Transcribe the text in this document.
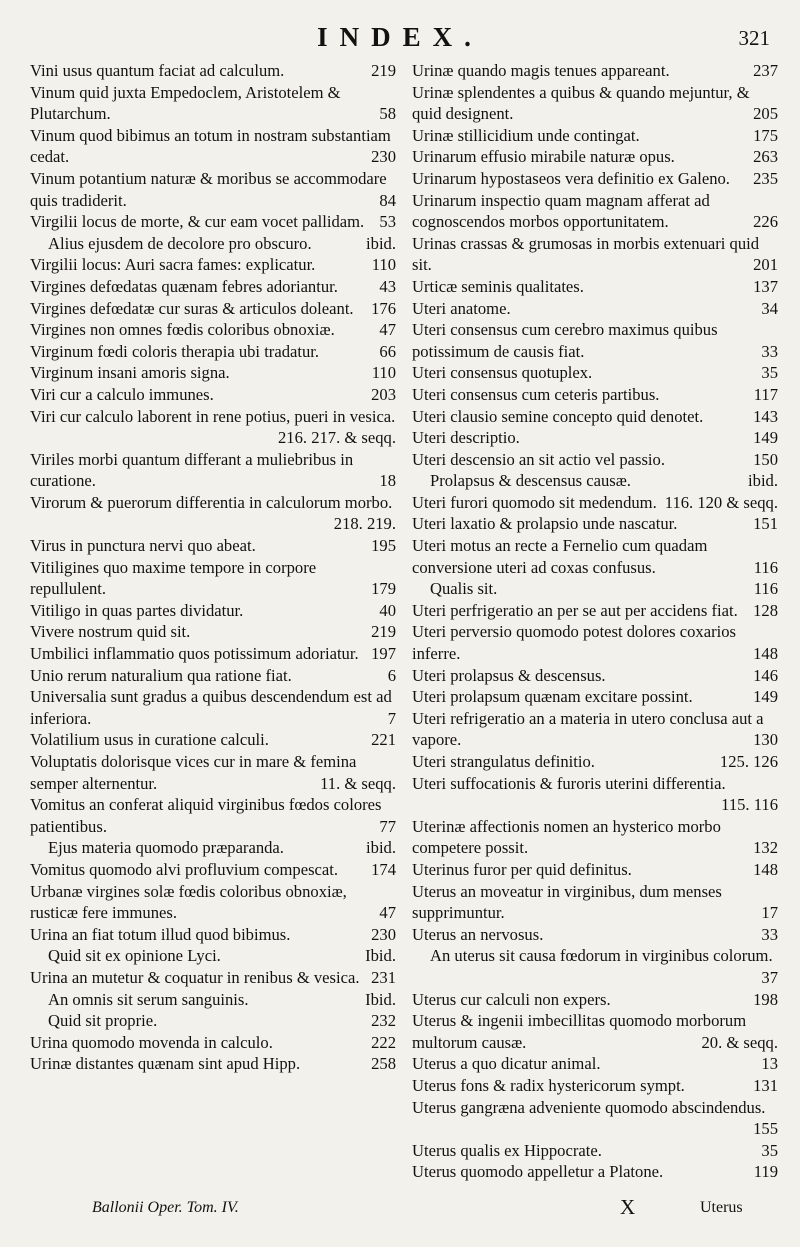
INDEX.	321

Vini usus quantum faciat ad calculum.	219

Vinum quid juxta Empedoclem, Aristotelem & Plutarchum.	58

Vinum quod bibimus an totum in nostram substantiam cedat.	230

Vinum potantium naturæ & moribus se accommodare quis tradiderit.	84

Virgilii locus de morte, & cur eam vocet pallidam. 53

Alius ejusdem de decolore pro obscuro.	ibid.

Virgilii locus: Auri sacra fames: explicatur.	110

Virgines defœdatas quænam febres adoriantur.	43

Virgines defœdatæ cur suras & articulos doleant.	176

Virgines non omnes fœdis coloribus obnoxiæ.	47

Virginum fœdi coloris therapia ubi tradatur.	66

Virginum insani amoris signa.	110

Viri cur a calculo immunes.	203

Viri cur calculo laborent in rene potius, pueri in vesica.
216. 217. & seqq.

Viriles morbi quantum differant a muliebribus in curatione.	18

Virorum & puerorum differentia in calculorum morbo.
218. 219.

Virus in punctura nervi quo abeat.	195

Vitiligines quo maxime tempore in corpore repullulent.	179

Vitiligo in quas partes dividatur.	40

Vivere nostrum quid sit.	219

Umbilici inflammatio quos potissimum adoriatur. 197

Unio rerum naturalium qua ratione fiat.	6

Universalia sunt gradus a quibus descendendum est ad inferiora.	7

Volatilium usus in curatione calculi.	221

Voluptatis dolorisque vices cur in mare & femina semper alternentur.	11. & seqq.

Vomitus an conferat aliquid virginibus fœdos colores patientibus.	77

Ejus materia quomodo præparanda.	ibid.

Vomitus quomodo alvi profluvium compescat.	174

Urbanæ virgines solæ fœdis coloribus obnoxiæ, rusticæ fere immunes.	47

Urina an fiat totum illud quod bibimus.	230

Quid sit ex opinione Lyci.	Ibid.

Urina an mutetur & coquatur in renibus & vesica. 231

An omnis sit serum sanguinis.	Ibid.

Quid sit proprie.	232

Urina quomodo movenda in calculo.	222

Urinæ distantes quænam sint apud Hipp.	258

Urinæ quando magis tenues appareant.	237

Urinæ splendentes a quibus & quando mejuntur, & quid designent.	205

Urinæ stillicidium unde contingat.	175

Urinarum effusio mirabile naturæ opus.	263

Urinarum hypostaseos vera definitio ex Galeno.	235

Urinarum inspectio quam magnam afferat ad cognoscendos morbos opportunitatem.	226

Urinas crassas & grumosas in morbis extenuari quid sit.	201

Urticæ seminis qualitates.	137

Uteri anatome.	34

Uteri consensus cum cerebro maximus quibus potissimum de causis fiat.	33

Uteri consensus quotuplex.	35

Uteri consensus cum ceteris partibus.	117

Uteri clausio semine concepto quid denotet.	143

Uteri descriptio.	149

Uteri descensio an sit actio vel passio.	150

Prolapsus & descensus causæ.	ibid.

Uteri furori quomodo sit medendum. 116. 120 & seqq.

Uteri laxatio & prolapsio unde nascatur.	151

Uteri motus an recte a Fernelio cum quadam conversione uteri ad coxas confusus.	116

Qualis sit.	116

Uteri perfrigeratio an per se aut per accidens fiat. 128

Uteri perversio quomodo potest dolores coxarios inferre.	148

Uteri prolapsus & descensus.	146

Uteri prolapsum quænam excitare possint.	149

Uteri refrigeratio an a materia in utero conclusa aut a vapore.	130

Uteri strangulatus definitio.	125. 126

Uteri suffocationis & furoris uterini differentia.
115. 116

Uterinæ affectionis nomen an hysterico morbo competere possit.	132

Uterinus furor per quid definitus.	148

Uterus an moveatur in virginibus, dum menses supprimuntur.	17

Uterus an nervosus.	33

An uterus sit causa fœdorum in virginibus colorum.
37

Uterus cur calculi non expers.	198

Uterus & ingenii imbecillitas quomodo morborum multorum causæ.	20. & seqq.

Uterus a quo dicatur animal.	13

Uterus fons & radix hystericorum sympt.	131

Uterus gangræna adveniente quomodo abscindendus.
155

Uterus qualis ex Hippocrate.	35

Uterus quomodo appelletur a Platone.	119

Ballonii Oper. Tom. IV.	X	Uterus
